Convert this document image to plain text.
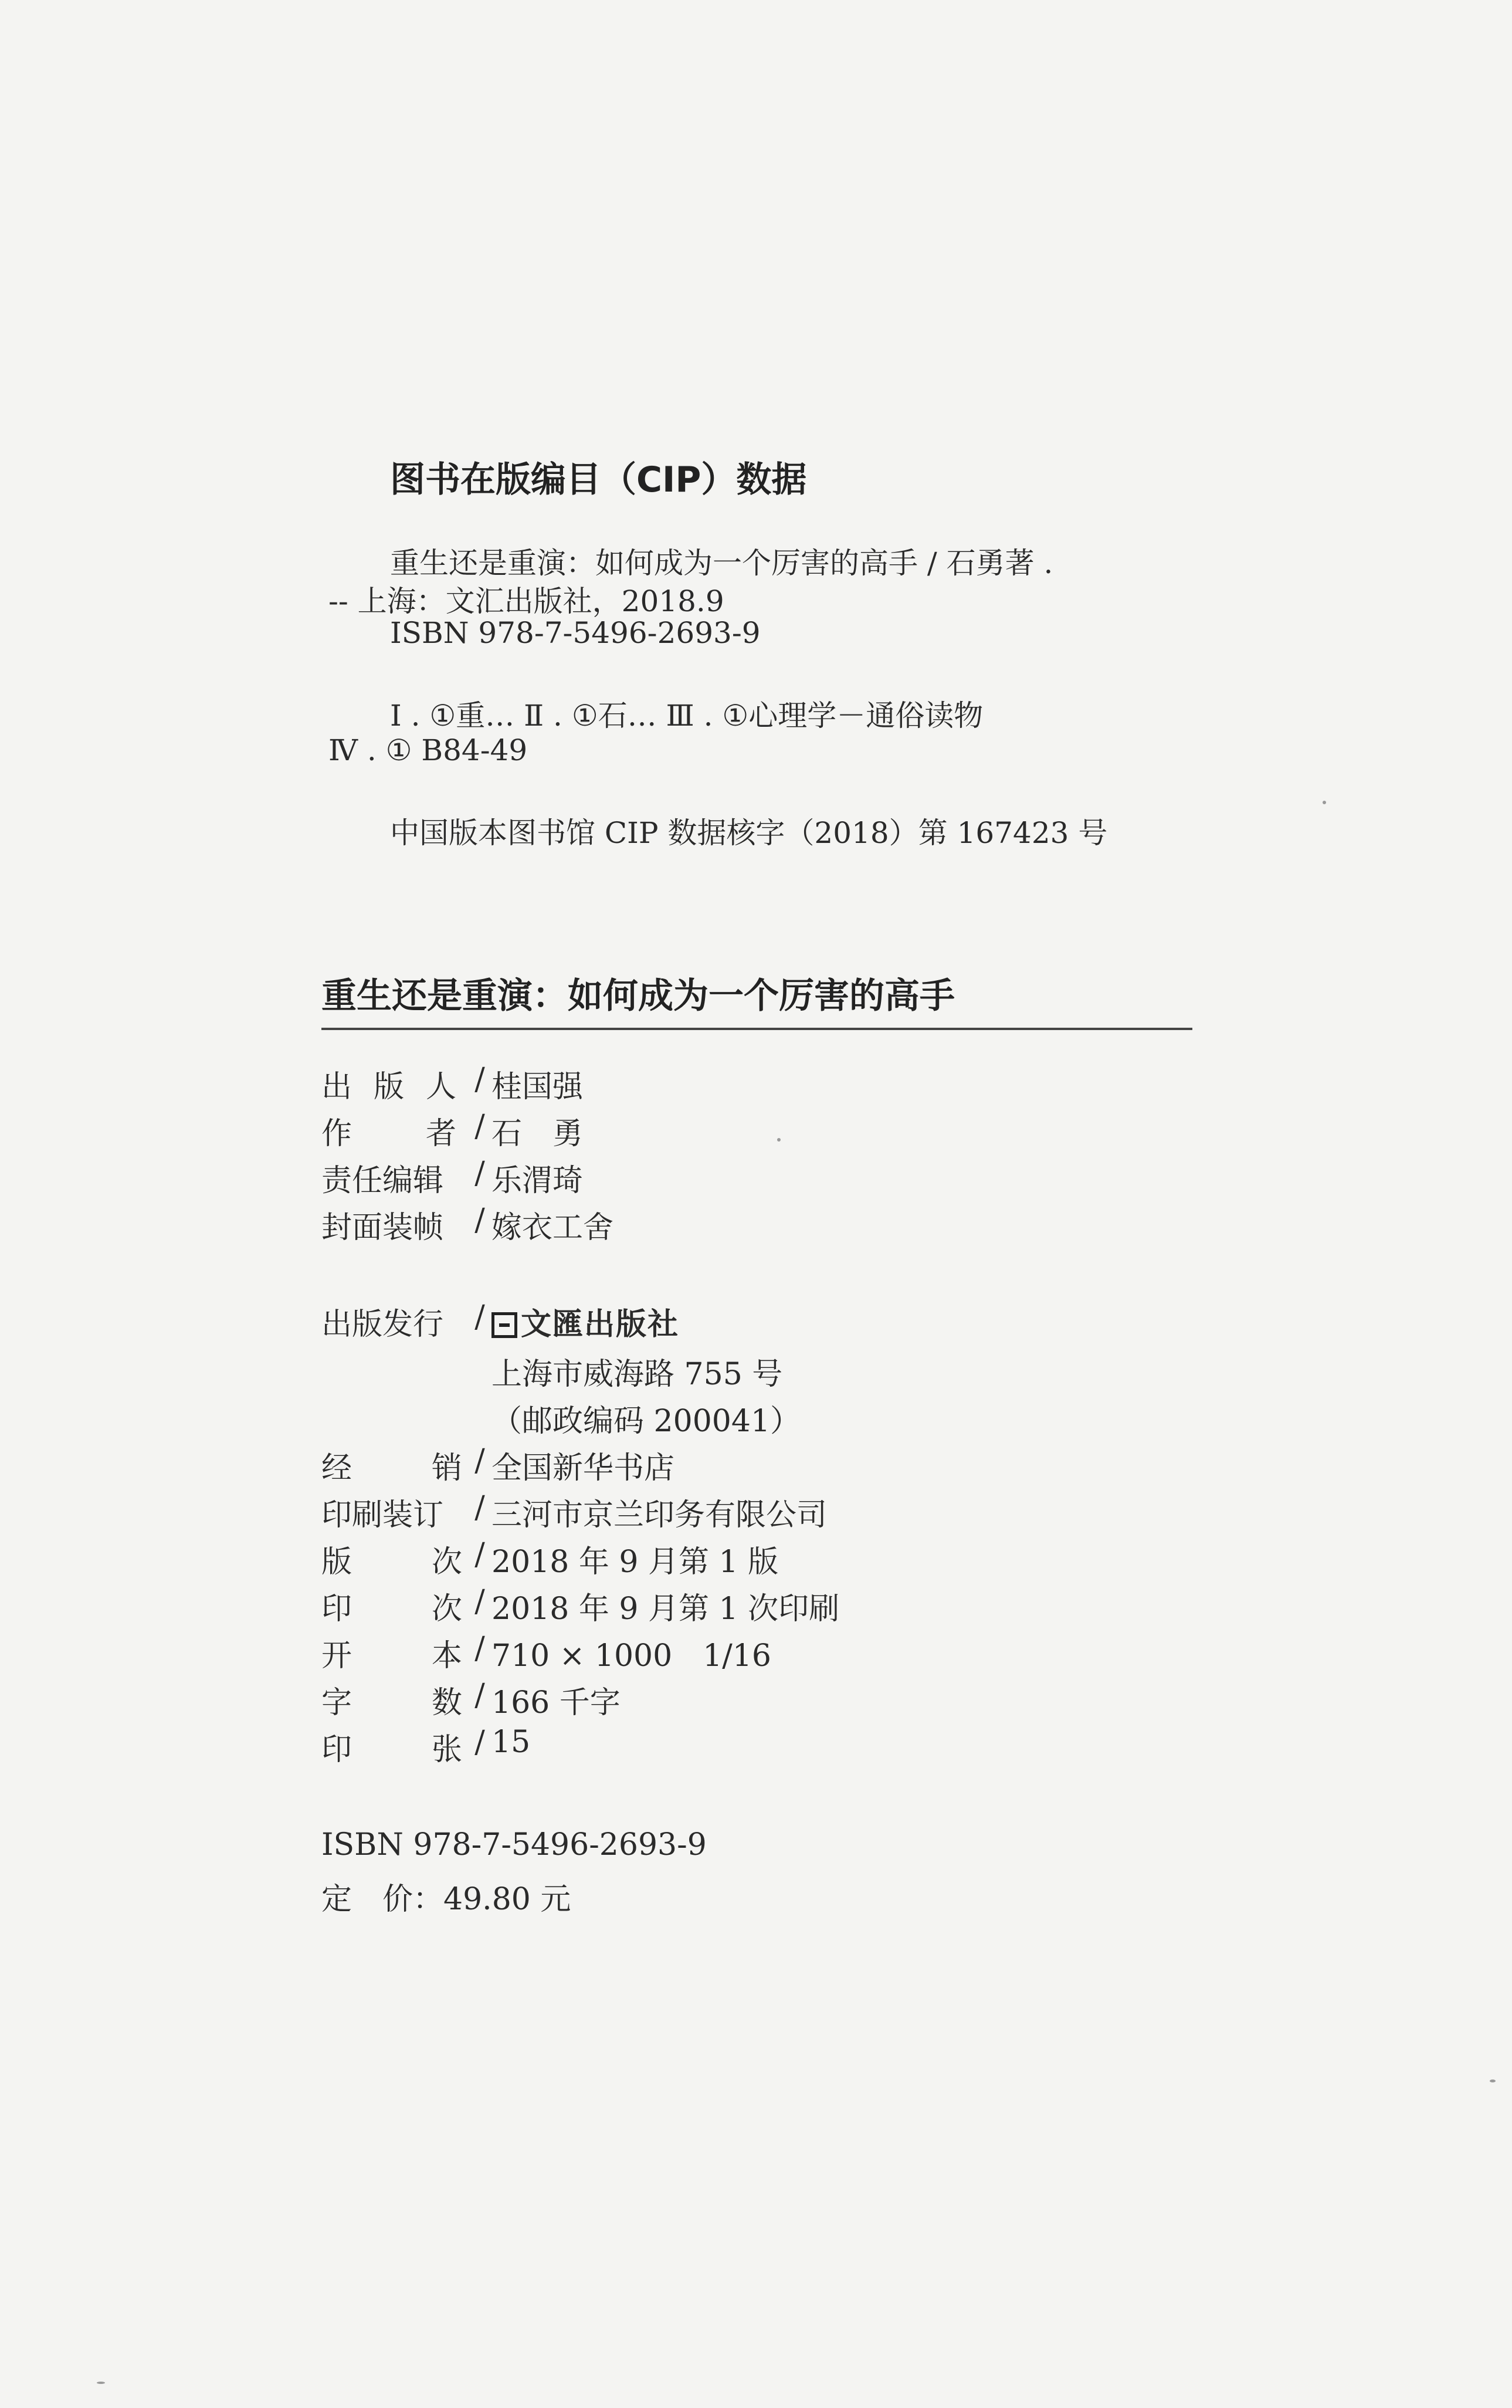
图书在版编目（CIP）数据
重生还是重演：如何成为一个厉害的高手 / 石勇著 .
-- 上海：文汇出版社，2018.9
ISBN 978-7-5496-2693-9
Ⅰ . ①重… Ⅱ . ①石… Ⅲ . ①心理学－通俗读物
Ⅳ . ① B84-49
中国版本图书馆 CIP 数据核字（2018）第 167423 号
重生还是重演：如何成为一个厉害的高手
出 版 人 / 桂国强
作 者 / 石　勇
责任编辑	/ 乐渭琦
封面装帧	/ 嫁衣工舍
出版发行	/	文匯出版社
上海市威海路 755 号
（邮政编码 200041）
经	销 / 全国新华书店
印刷装订	/ 三河市京兰印务有限公司
版	次 / 2018 年 9 月第 1 版
印	次 / 2018 年 9 月第 1 次印刷
开	本 / 710 × 1000　1/16
字	数 / 166 千字
印	张 / 15
ISBN 978-7-5496-2693-9
定　价：49.80 元
